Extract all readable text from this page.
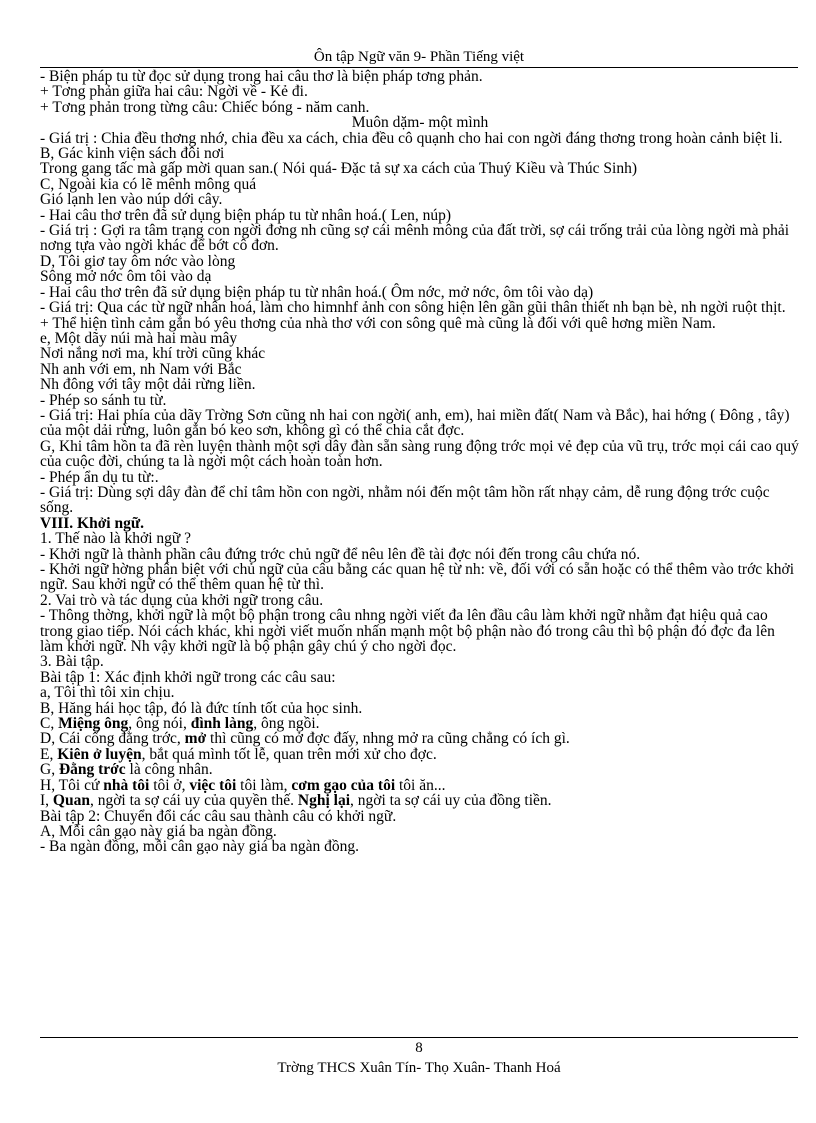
Ôn tập Ngữ văn 9- Phần Tiếng việt

- Biện pháp tu từ đọc sử dụng trong hai câu thơ là biện pháp tơng phản.

+ Tơng phản giữa hai câu: Ngời về - Kẻ đi.

+ Tơng phản trong từng câu: Chiếc bóng - năm canh.

Muôn dặm- một mình

- Giá trị : Chia đều thơng nhớ, chia đều xa cách, chia đều cô quạnh cho hai con ngời đáng thơng trong hoàn cảnh biệt li.

B, Gác kinh viện sách đôi nơi

Trong gang tấc mà gấp mời quan san.( Nói quá- Đặc tả sự xa cách của Thuý Kiều và Thúc Sinh)

C, Ngoài kia có lẽ mênh mông quá

Gió lạnh len vào núp dới cây.

- Hai câu thơ trên đã sử dụng biện pháp tu từ nhân hoá.( Len, núp)

- Giá trị : Gợi ra tâm trạng con ngời đơng nh cũng sợ cái mênh mông của đất trời, sợ cái trống trải của lòng ngời mà phải nơng tựa vào ngời khác để bớt cô đơn.

D, Tôi giơ tay ôm nớc vào lòng

Sông mở nớc ôm tôi vào dạ

- Hai câu thơ trên đã sử dụng biện pháp tu từ nhân hoá.( Ôm nớc, mở nớc, ôm tôi vào dạ)

- Giá trị: Qua các từ ngữ nhân hoá, làm cho himnhf ảnh con sông hiện lên gần gũi thân thiết nh bạn bè, nh ngời ruột thịt.

+ Thể hiện tình cảm gắn bó yêu thơng của nhà thơ với con sông quê mà cũng là đối với quê hơng miền Nam.

e, Một dãy núi mà hai màu mây

Nơi nắng nơi ma, khí trời cũng khác

Nh anh với em, nh Nam với Bắc

Nh đông với tây một dải rừng liền.

- Phép so sánh tu từ.

- Giá trị: Hai phía của dãy Trờng Sơn cũng nh hai con ngời( anh, em), hai miền đất( Nam và Bắc), hai hớng ( Đông , tây) của một dải rừng, luôn gắn bó keo sơn, không gì có thể chia cắt đợc.

G, Khi tâm hồn ta đã rèn luyện thành một sợi dây đàn sẵn sàng rung động trớc mọi vẻ đẹp của vũ trụ, trớc mọi cái cao quý của cuộc đời, chúng ta là ngời một cách hoàn toàn hơn.

- Phép ẩn dụ tu từ:.

- Giá trị: Dùng sợi dây đàn để chỉ tâm hồn con ngời, nhằm nói đến một tâm hồn rất nhạy cảm, dễ rung động trớc cuộc sống.

VIII. Khởi ngữ.

1. Thế nào là khởi ngữ ?

- Khởi ngữ là thành phần câu đứng trớc chủ ngữ để nêu lên đề tài đợc nói đến trong câu chứa nó.

- Khởi ngữ hờng phân biệt với chủ ngữ của câu bằng các quan hệ từ nh: về, đối với có sẵn hoặc có thể thêm vào trớc khởi ngữ. Sau khởi ngữ có thể thêm quan hệ từ thì.

2. Vai trò và tác dụng của khởi ngữ trong câu.

- Thông thờng, khởi ngữ là một bộ phận trong câu nhng ngời viết đa lên đầu câu làm khởi ngữ nhằm đạt hiệu quả cao trong giao tiếp. Nói cách khác, khi ngời viết muốn nhấn mạnh một bộ phận nào đó trong câu thì bộ phận đó đợc đa lên làm khởi ngữ. Nh vậy khởi ngữ là bộ phận gây chú ý cho ngời đọc.

3. Bài tập.

Bài tập 1: Xác định khởi ngữ trong các câu sau:

a, Tôi thì tôi xin chịu.

B, Hăng hái học tập, đó là đức tính tốt của học sinh.

C, Miệng ông, ông nói, đình làng, ông ngồi.

D, Cái cống đằng trớc, mở thì cũng có mở đợc đấy, nhng mở ra cũng chẳng có ích gì.

E, Kiên ở luyện, bắt quá mình tốt lễ, quan trên mới xử cho đợc.

G, Đằng trớc là công nhân.

H, Tôi cứ nhà tôi tôi ở, việc tôi tôi làm, cơm gạo của tôi tôi ăn...

I, Quan, ngời ta sợ cái uy của quyền thế. Nghị lại, ngời ta sợ cái uy của đồng tiền.

Bài tập 2: Chuyển đổi các câu sau thành câu có khởi ngữ.

A, Mỗi cân gạo này giá ba ngàn đồng.

- Ba ngàn đồng, mỗi cân gạo này giá ba ngàn đồng.

8
Trờng THCS Xuân Tín- Thọ Xuân- Thanh Hoá
